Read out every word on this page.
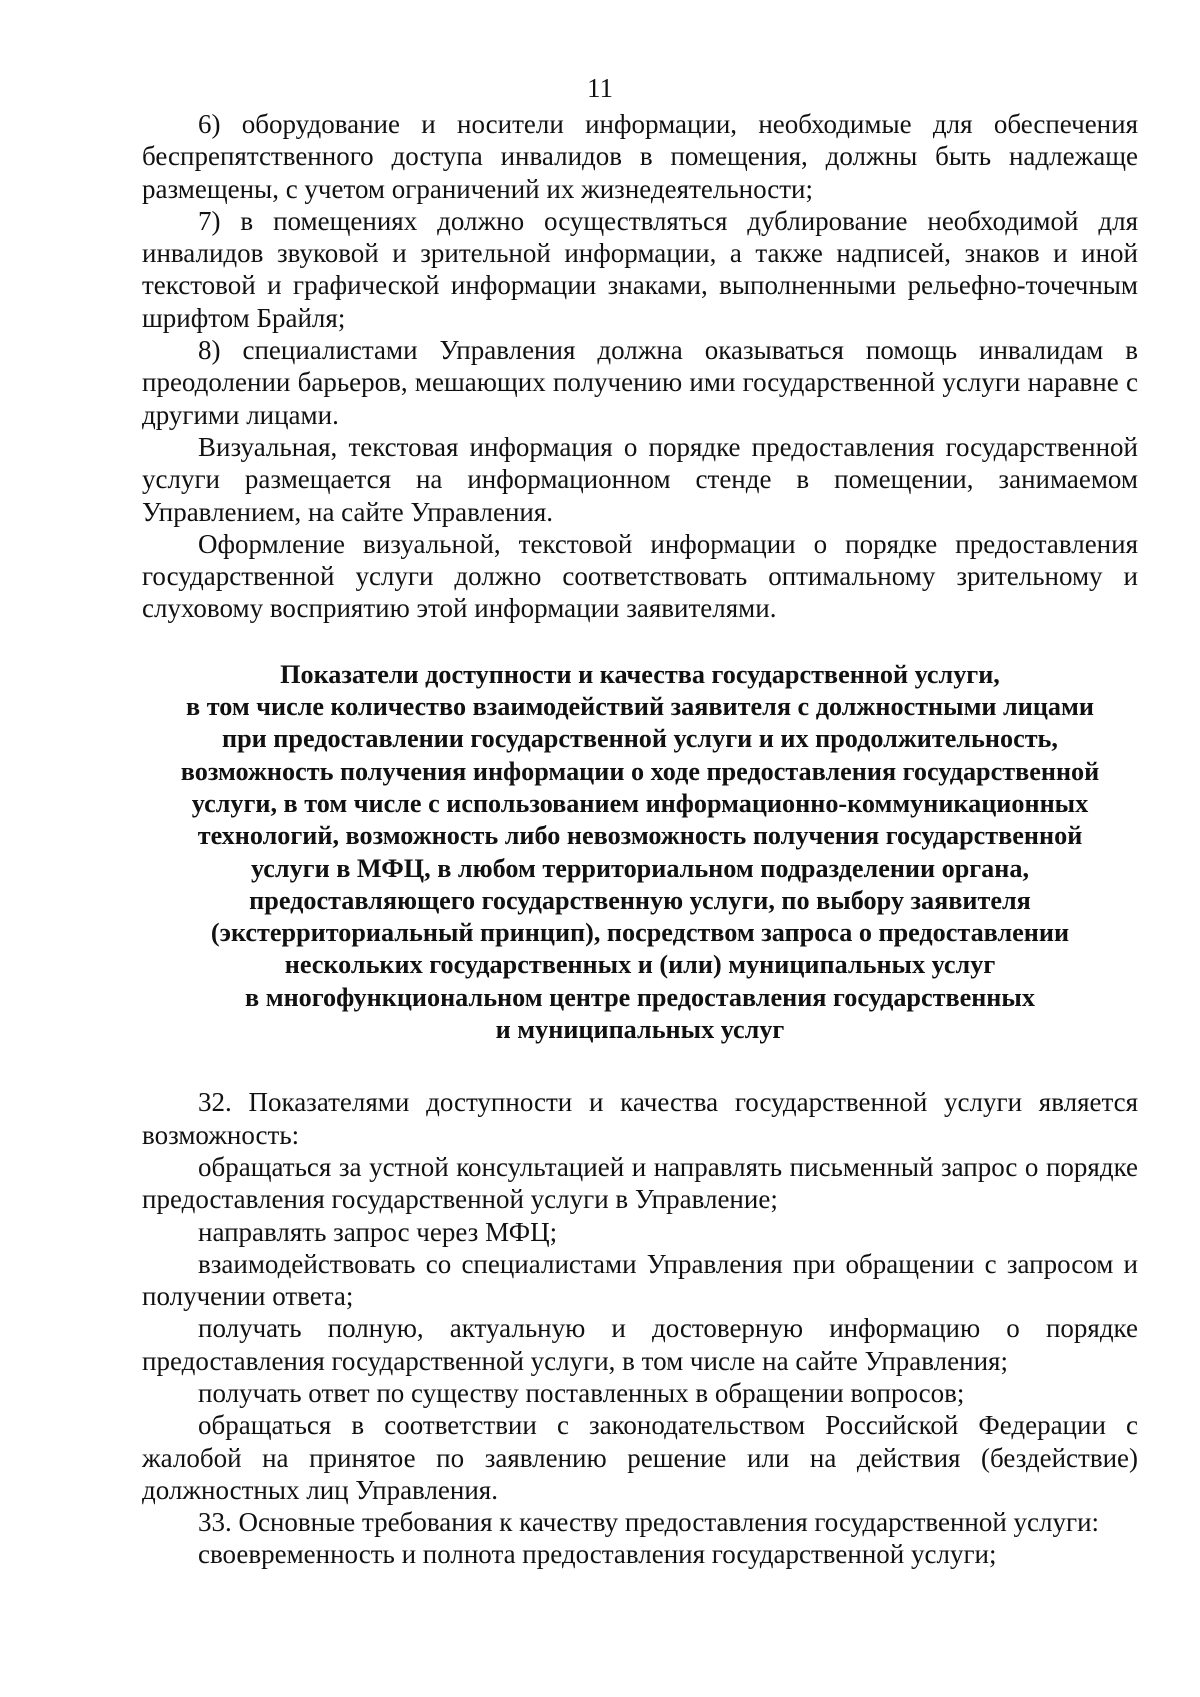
11

6) оборудование и носители информации, необходимые для обеспечения беспрепятственного доступа инвалидов в помещения, должны быть надлежаще размещены, с учетом ограничений их жизнедеятельности;

7) в помещениях должно осуществляться дублирование необходимой для инвалидов звуковой и зрительной информации, а также надписей, знаков и иной текстовой и графической информации знаками, выполненными рельефно-точечным шрифтом Брайля;

8) специалистами Управления должна оказываться помощь инвалидам в преодолении барьеров, мешающих получению ими государственной услуги наравне с другими лицами.

Визуальная, текстовая информация о порядке предоставления государственной услуги размещается на информационном стенде в помещении, занимаемом Управлением, на сайте Управления.

Оформление визуальной, текстовой информации о порядке предоставления государственной услуги должно соответствовать оптимальному зрительному и слуховому восприятию этой информации заявителями.

Показатели доступности и качества государственной услуги,
в том числе количество взаимодействий заявителя с должностными лицами
при предоставлении государственной услуги и их продолжительность,
возможность получения информации о ходе предоставления государственной
услуги, в том числе с использованием информационно-коммуникационных
технологий, возможность либо невозможность получения государственной
услуги в МФЦ, в любом территориальном подразделении органа,
предоставляющего государственную услуги, по выбору заявителя
(экстерриториальный принцип), посредством запроса о предоставлении
нескольких государственных и (или) муниципальных услуг
в многофункциональном центре предоставления государственных
и муниципальных услуг

32. Показателями доступности и качества государственной услуги является возможность:

обращаться за устной консультацией и направлять письменный запрос о порядке предоставления государственной услуги в Управление;

направлять запрос через МФЦ;

взаимодействовать со специалистами Управления при обращении с запросом и получении ответа;

получать полную, актуальную и достоверную информацию о порядке предоставления государственной услуги, в том числе на сайте Управления;

получать ответ по существу поставленных в обращении вопросов;

обращаться в соответствии с законодательством Российской Федерации с жалобой на принятое по заявлению решение или на действия (бездействие) должностных лиц Управления.

33. Основные требования к качеству предоставления государственной услуги:

своевременность и полнота предоставления государственной услуги;
